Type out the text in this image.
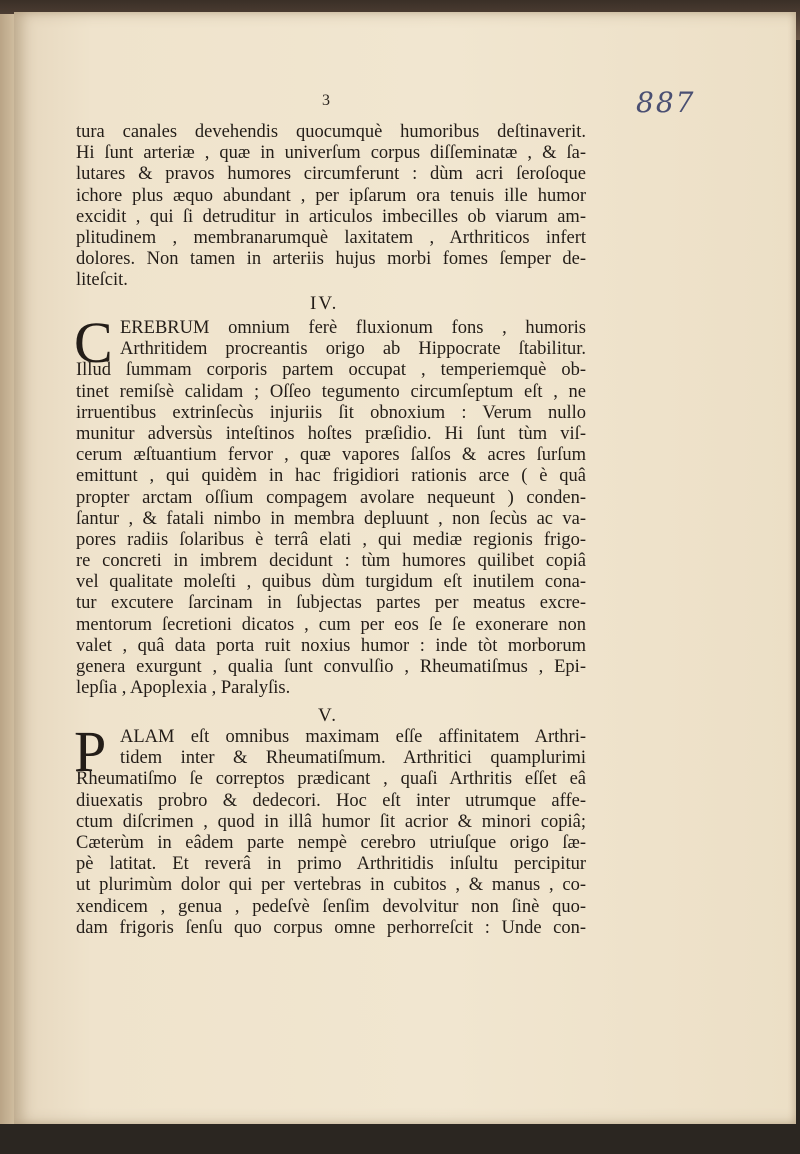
3	887
tura canales devehendis quocumquè humoribus deſtinaverit.
Hi ſunt arteriæ , quæ in univerſum corpus diſſeminatæ , & ſa-
lutares & pravos humores circumferunt : dùm acri ſeroſoque
ichore plus æquo abundant , per ipſarum ora tenuis ille humor
excidit , qui ſi detruditur in articulos imbecilles ob viarum am-
plitudinem , membranarumquè laxitatem , Arthriticos infert
dolores. Non tamen in arteriis hujus morbi fomes ſemper de-
liteſcit.
IV.
C EREBRUM omnium ferè fluxionum fons , humoris
Arthritidem procreantis origo ab Hippocrate ſtabilitur.
Illud ſummam corporis partem occupat , temperiemquè ob-
tinet remiſsè calidam ; Oſſeo tegumento circumſeptum eſt , ne
irruentibus extrinſecùs injuriis ſit obnoxium : Verum nullo
munitur adversùs inteſtinos hoſtes præſidio. Hi ſunt tùm viſ-
cerum æſtuantium fervor , quæ vapores ſalſos & acres ſurſum
emittunt , qui quidèm in hac frigidiori rationis arce ( è quâ
propter arctam oſſium compagem avolare nequeunt ) conden-
ſantur , & fatali nimbo in membra depluunt , non ſecùs ac va-
pores radiis ſolaribus è terrâ elati , qui mediæ regionis frigo-
re concreti in imbrem decidunt : tùm humores quilibet copiâ
vel qualitate moleſti , quibus dùm turgidum eſt inutilem cona-
tur excutere ſarcinam in ſubjectas partes per meatus excre-
mentorum ſecretioni dicatos , cum per eos ſe ſe exonerare non
valet , quâ data porta ruit noxius humor : inde tòt morborum
genera exurgunt , qualia ſunt convulſio , Rheumatiſmus , Epi-
lepſia , Apoplexia , Paralyſis.
V.
P ALAM eſt omnibus maximam eſſe affinitatem Arthri-
tidem inter & Rheumatiſmum. Arthritici quamplurimi
Rheumatiſmo ſe correptos prædicant , quaſi Arthritis eſſet eâ
diuexatis probro & dedecori. Hoc eſt inter utrumque affe-
ctum diſcrimen , quod in illâ humor ſit acrior & minori copiâ;
Cæterùm in eâdem parte nempè cerebro utriuſque origo ſæ-
pè latitat. Et reverâ in primo Arthritidis inſultu percipitur
ut plurimùm dolor qui per vertebras in cubitos , & manus , co-
xendicem , genua , pedeſvè ſenſim devolvitur non ſinè quo-
dam frigoris ſenſu quo corpus omne perhorreſcit : Unde con-
